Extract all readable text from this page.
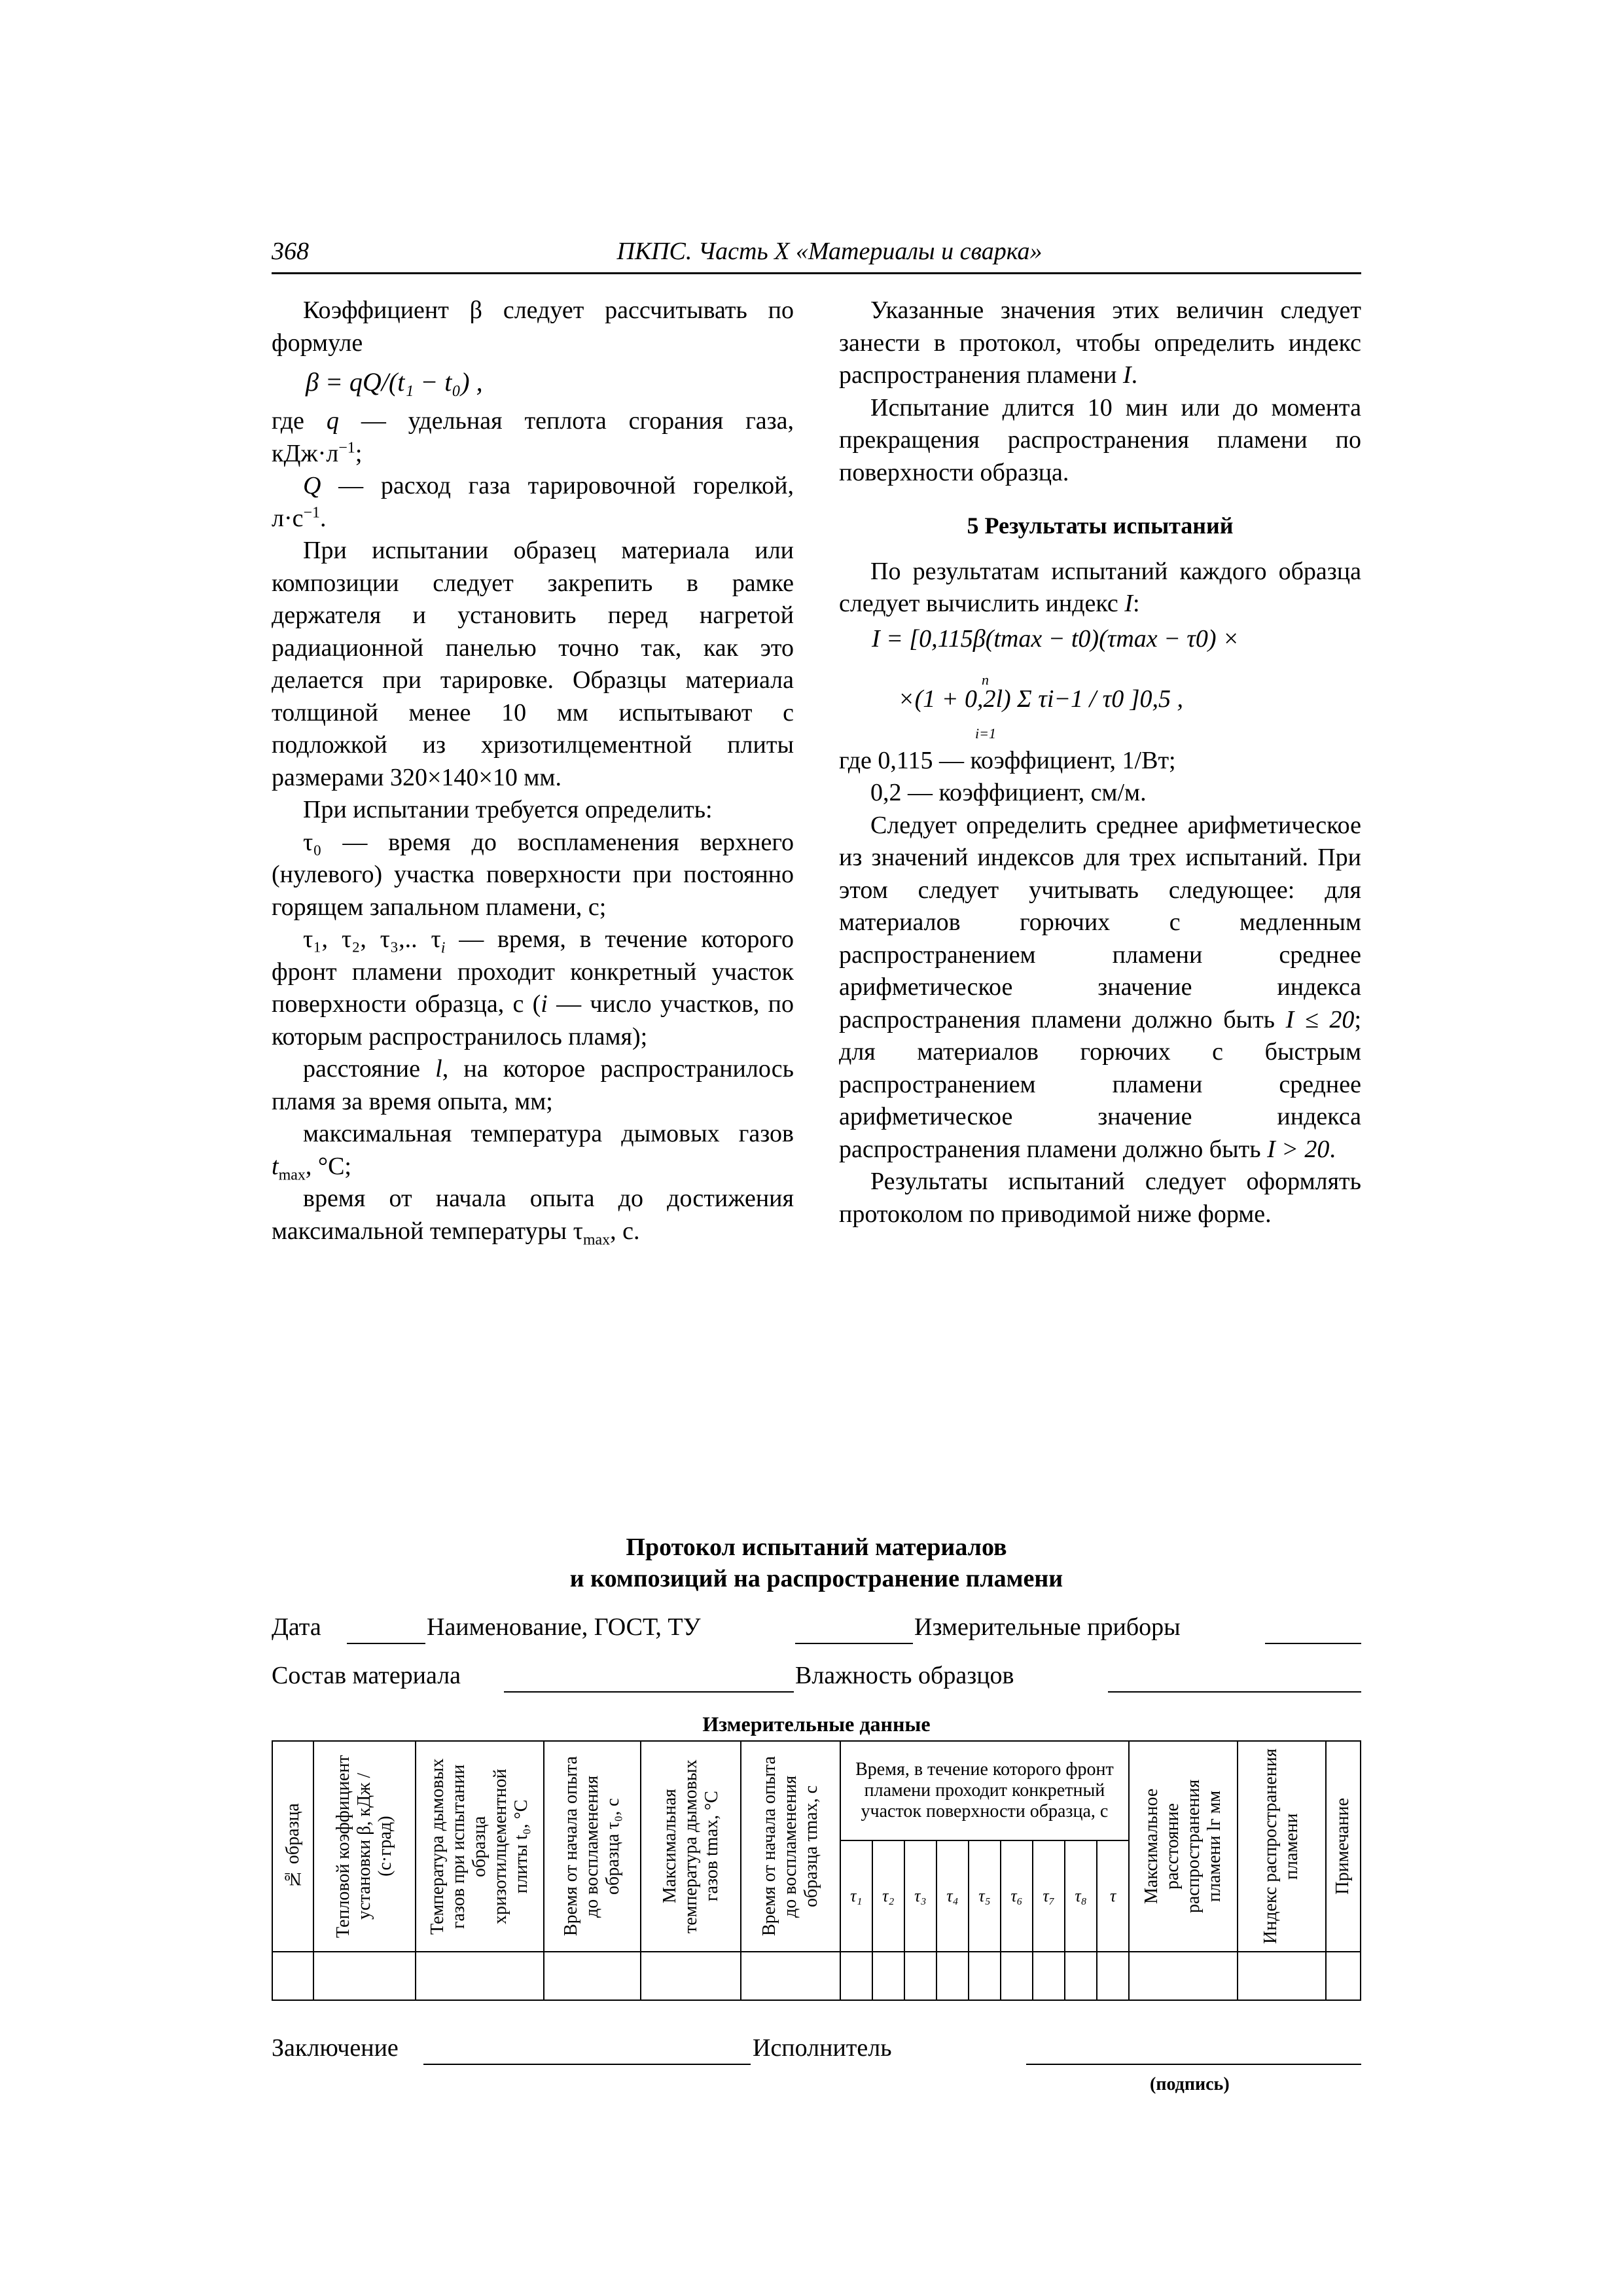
368	ПКПС. Часть X «Материалы и сварка»

Коэффициент β следует рассчитывать по формуле

β = qQ/(t₁ − t₀) ,

где q — удельная теплота сгорания газа, $кДж\cdot л^{-1}$;

Q — расход газа тарировочной горелкой, $л\cdot с^{-1}$.

При испытании образец материала или композиции следует закрепить в рамке держателя и установить перед нагретой радиационной панелью точно так, как это делается при тарировке. Образцы материала толщиной менее 10 мм испытывают с подложкой из хризотилцементной плиты размерами 320×140×10 мм.

При испытании требуется определить:

τ₀ — время до воспламенения верхнего (нулевого) участка поверхности при постоянно горящем запальном пламени, с;

τ₁, τ₂, τ₃,.. $\tau_i$ — время, в течение которого фронт пламени проходит конкретный участок поверхности образца, с (i — число участков, по которым распространилось пламя);

расстояние l, на которое распространилось пламя за время опыта, мм;

максимальная температура дымовых газов $t_{max}$, °C;

время от начала опыта до достижения максимальной температуры $\tau_{max}$, с.

Указанные значения этих величин следует занести в протокол, чтобы определить индекс распространения пламени I.

Испытание длится 10 мин или до момента прекращения распространения пламени по поверхности образца.

5 Результаты испытаний

По результатам испытаний каждого образца следует вычислить индекс I:

I = [0,115β(tmax − t0)(τmax − τ0) ×
n
×(1 + 0,2l) Σ τi−1 / τ0 ]0,5 ,
i=1

где 0,115 — коэффициент, 1/Вт;

0,2 — коэффициент, см/м.

Следует определить среднее арифметическое из значений индексов для трех испытаний. При этом следует учитывать следующее: для материалов горючих с медленным распространением пламени среднее арифметическое значение индекса распространения пламени должно быть I ≤ 20; для материалов горючих с быстрым распространением пламени среднее арифметическое значение индекса распространения пламени должно быть I > 20.

Результаты испытаний следует оформлять протоколом по приводимой ниже форме.

Протокол испытаний материалов
и композиций на распространение пламени
Дата	Наименование, ГОСТ, ТУ	Измерительные приборы
Состав материала	Влажность образцов
Измерительные данные
№ образца	Тепловой коэффициент установки β, кДж / (с·град)	Температура дымовых газов при испытании образца хризотилцементной плиты t₀, °С	Время от начала опыта до воспламенения образца τ₀, с	Максимальная температура дымовых газов tmax, °С	Время от начала опыта до воспламенения образца τmax, с	Время, в течение которого фронт пламени проходит конкретный участок поверхности образца, с									Максимальное расстояние распространения пламени lг мм	Индекс распространения пламени	Примечание

						τ₁	τ₂	τ₃	τ₄	τ₅	τ₆	τ₇	τ₈	τ			

Заключение	Исполнитель
(подпись)
